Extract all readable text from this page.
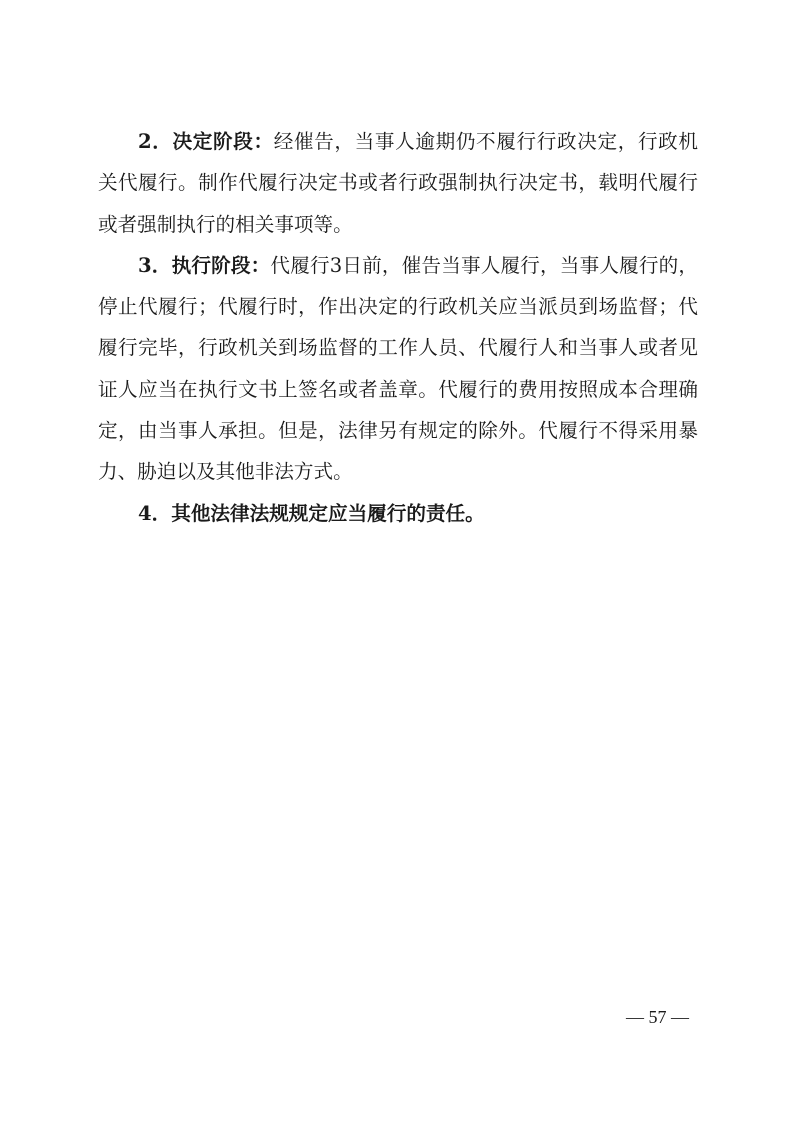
2．决定阶段：经催告，当事人逾期仍不履行行政决定，行政机关代履行。制作代履行决定书或者行政强制执行决定书，载明代履行或者强制执行的相关事项等。

3．执行阶段：代履行3日前，催告当事人履行，当事人履行的，停止代履行；代履行时，作出决定的行政机关应当派员到场监督；代履行完毕，行政机关到场监督的工作人员、代履行人和当事人或者见证人应当在执行文书上签名或者盖章。代履行的费用按照成本合理确定，由当事人承担。但是，法律另有规定的除外。代履行不得采用暴力、胁迫以及其他非法方式。

4．其他法律法规规定应当履行的责任。

— 57 —
